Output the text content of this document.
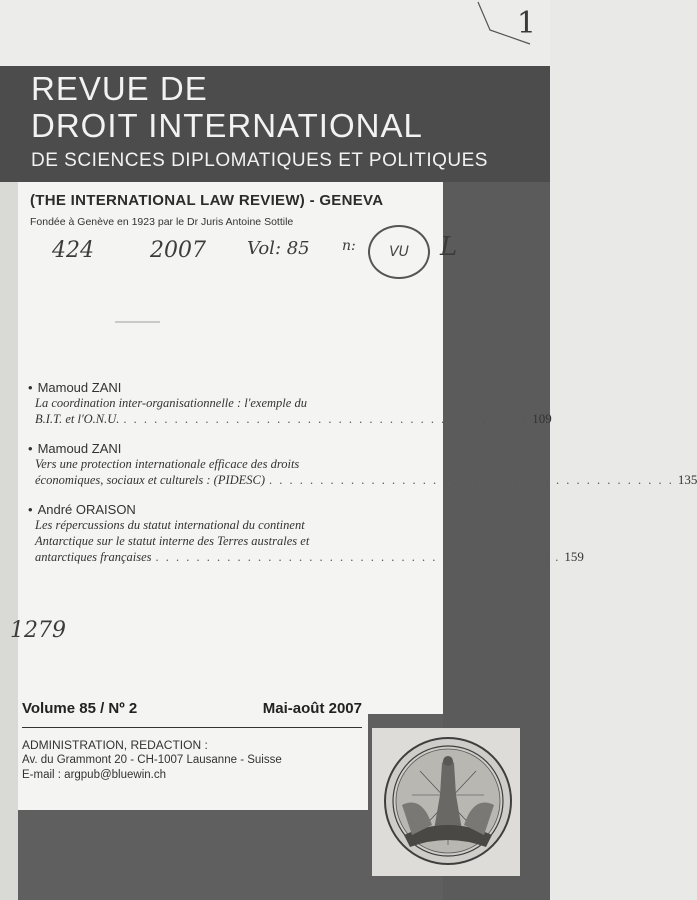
1
REVUE DE
DROIT INTERNATIONAL
DE SCIENCES DIPLOMATIQUES ET POLITIQUES
(THE INTERNATIONAL LAW REVIEW) - GENEVA
Fondée à Genève en 1923 par le Dr Juris Antoine Sottile
424	2007 Vol: 85 n: VU L
• Mamoud ZANI
La coordination inter-organisationnelle : l'exemple du
B.I.T. et l'O.N.U. . . . . . . . . . . . . . . . . . . . . . . . . . . . . . . . . . . . . . . . . 109
• Mamoud ZANI
Vers une protection internationale efficace des droits
économiques, sociaux et culturels : (PIDESC) . . . . . . . . . . . . . . . . . . . . . . . . . . . . . . . . . . . . . . . . 135
• André ORAISON
Les répercussions du statut international du continent
Antarctique sur le statut interne des Terres australes et
antarctiques françaises . . . . . . . . . . . . . . . . . . . . . . . . . . . . . . . . . . . . . . . . 159
1279
Volume 85 / Nº 2	Mai-août 2007
ADMINISTRATION, REDACTION :
Av. du Grammont 20 - CH-1007 Lausanne - Suisse
E-mail : argpub@bluewin.ch
